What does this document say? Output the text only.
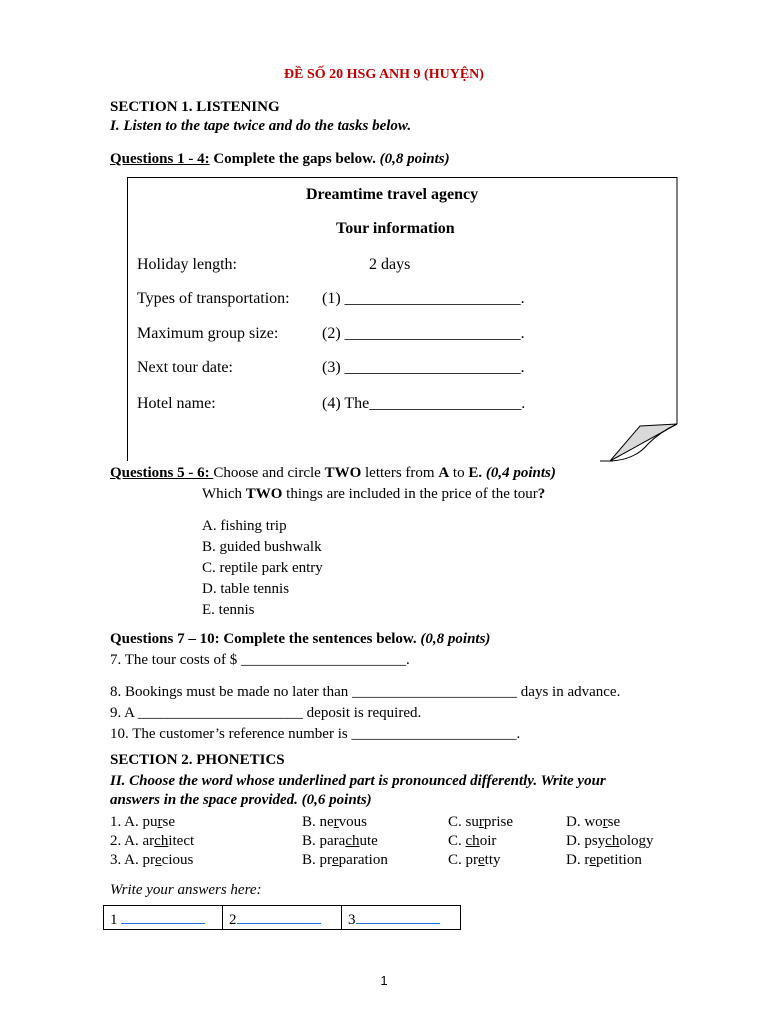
ĐỀ SỐ 20 HSG ANH 9 (HUYỆN)
SECTION 1. LISTENING
I. Listen to the tape twice and do the tasks below.
Questions 1 - 4: Complete the gaps below. (0,8 points)
Dreamtime travel agency
Tour information
Holiday length:	2 days
Types of transportation: (1) ______________________.
Maximum group size:	(2) ______________________.
Next tour date:	(3) ______________________.
Hotel name:	(4) The___________________.
Questions 5 - 6: Choose and circle TWO letters from A to E. (0,4 points)
Which TWO things are included in the price of the tour?
A. fishing trip
B. guided bushwalk
C. reptile park entry
D. table tennis
E. tennis
Questions 7 – 10: Complete the sentences below. (0,8 points)
7. The tour costs of $ ______________________.
8. Bookings must be made no later than ______________________ days in advance.
9. A ______________________ deposit is required.
10. The customer’s reference number is ______________________.
SECTION 2. PHONETICS
II. Choose the word whose underlined part is pronounced differently. Write your
answers in the space provided. (0,6 points)
1. A. purse	B. nervous	C. surprise	D. worse
2. A. architect	B. parachute	C. choir	D. psychology
3. A. precious	B. preparation	C. pretty	D. repetition
Write your answers here:
1	2	3
1
